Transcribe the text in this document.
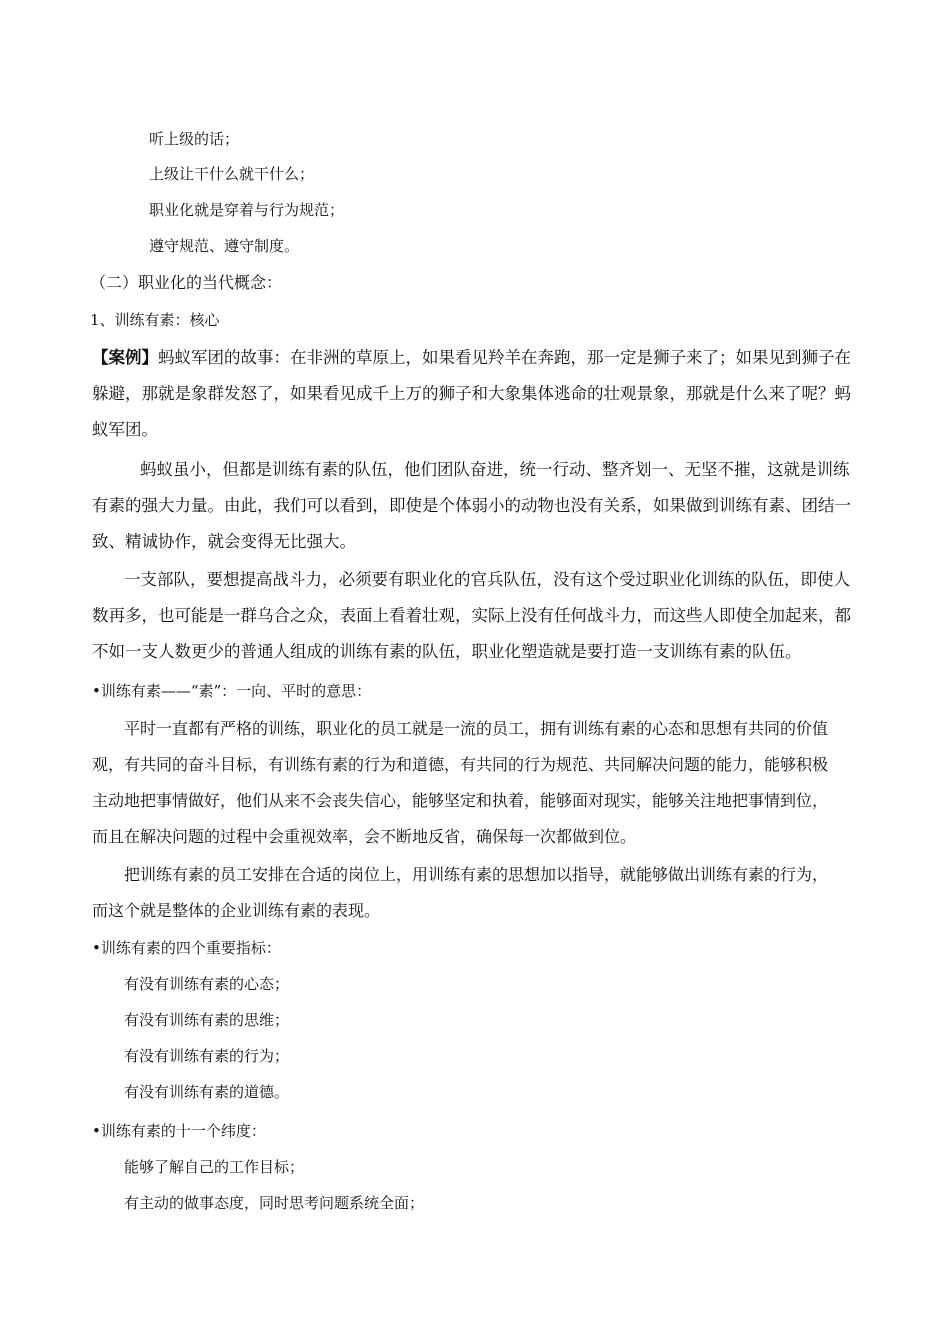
听上级的话；
上级让干什么就干什么；
职业化就是穿着与行为规范；
遵守规范、遵守制度。
（二）职业化的当代概念：
1、训练有素：核心
【案例】蚂蚁军团的故事：在非洲的草原上，如果看见羚羊在奔跑，那一定是狮子来了；如果见到狮子在
躲避，那就是象群发怒了，如果看见成千上万的狮子和大象集体逃命的壮观景象，那就是什么来了呢？蚂
蚁军团。
蚂蚁虽小，但都是训练有素的队伍，他们团队奋进，统一行动、整齐划一、无坚不摧，这就是训练
有素的强大力量。由此，我们可以看到，即使是个体弱小的动物也没有关系，如果做到训练有素、团结一
致、精诚协作，就会变得无比强大。
一支部队，要想提高战斗力，必须要有职业化的官兵队伍，没有这个受过职业化训练的队伍，即使人
数再多，也可能是一群乌合之众，表面上看着壮观，实际上没有任何战斗力，而这些人即使全加起来，都
不如一支人数更少的普通人组成的训练有素的队伍，职业化塑造就是要打造一支训练有素的队伍。
•训练有素——“素”：一向、平时的意思：
平时一直都有严格的训练，职业化的员工就是一流的员工，拥有训练有素的心态和思想有共同的价值
观，有共同的奋斗目标，有训练有素的行为和道德，有共同的行为规范、共同解决问题的能力，能够积极
主动地把事情做好，他们从来不会丧失信心，能够坚定和执着，能够面对现实，能够关注地把事情到位，
而且在解决问题的过程中会重视效率，会不断地反省，确保每一次都做到位。
把训练有素的员工安排在合适的岗位上，用训练有素的思想加以指导，就能够做出训练有素的行为，
而这个就是整体的企业训练有素的表现。
•训练有素的四个重要指标：
有没有训练有素的心态；
有没有训练有素的思维；
有没有训练有素的行为；
有没有训练有素的道德。
•训练有素的十一个纬度：
能够了解自己的工作目标；
有主动的做事态度，同时思考问题系统全面；
